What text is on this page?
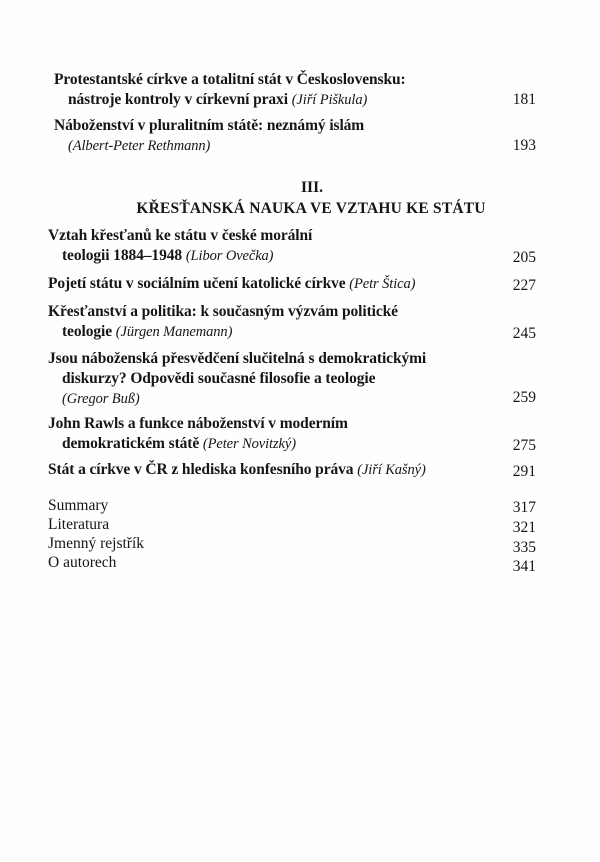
Protestantské církve a totalitní stát v Československu:
nástroje kontroly v církevní praxi (Jiří Piškula)	181
Náboženství v pluralitním státě: neznámý islám
(Albert-Peter Rethmann)	193
III.
KŘESŤANSKÁ NAUKA VE VZTAHU KE STÁTU
Vztah křesťanů ke státu v české morální
teologii 1884–1948 (Libor Ovečka)	205
Pojetí státu v sociálním učení katolické církve (Petr Štica)	227
Křesťanství a politika: k současným výzvám politické
teologie (Jürgen Manemann)	245
Jsou náboženská přesvědčení slučitelná s demokratickými
diskurzy? Odpovědi současné filosofie a teologie
(Gregor Buß)	259
John Rawls a funkce náboženství v moderním
demokratickém státě (Peter Novitzký)	275
Stát a církve v ČR z hlediska konfesního práva (Jiří Kašný)	291
Summary	317
Literatura	321
Jmenný rejstřík	335
O autorech	341
